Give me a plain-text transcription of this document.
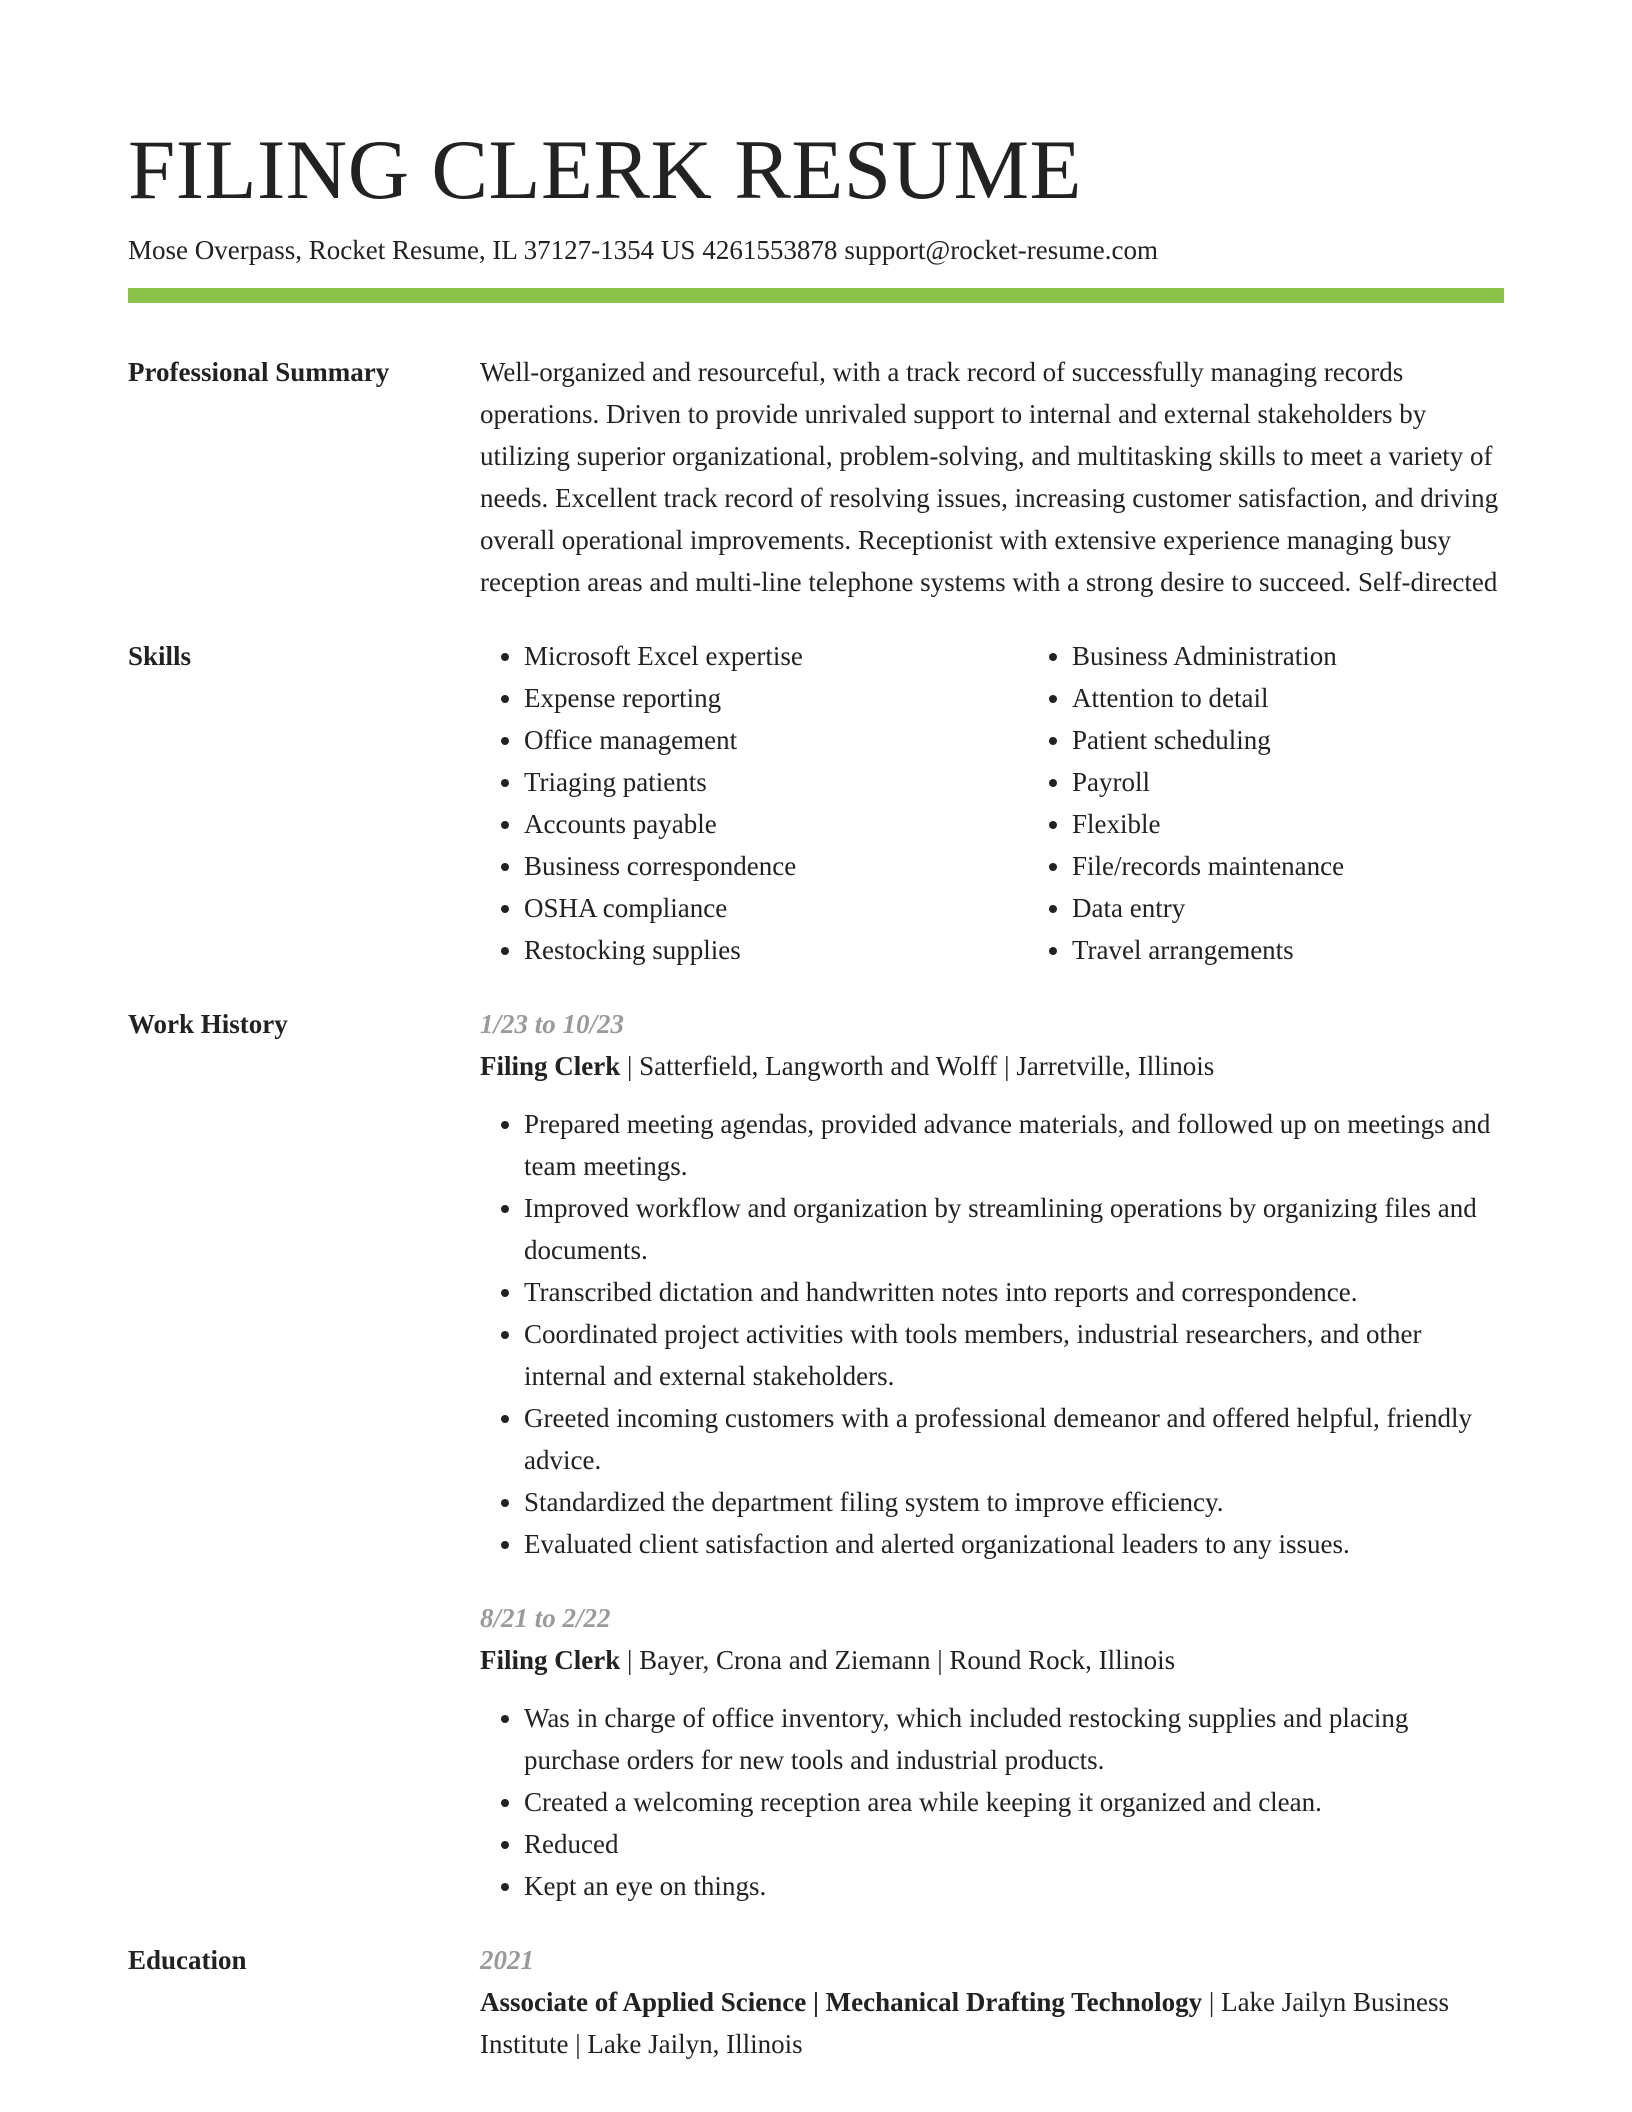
FILING CLERK RESUME
Mose Overpass, Rocket Resume, IL 37127-1354 US 4261553878 support@rocket-resume.com
Professional Summary	Well-organized and resourceful, with a track record of successfully managing records operations. Driven to provide unrivaled support to internal and external stakeholders by utilizing superior organizational, problem-solving, and multitasking skills to meet a variety of needs. Excellent track record of resolving issues, increasing customer satisfaction, and driving overall operational improvements. Receptionist with extensive experience managing busy reception areas and multi-line telephone systems with a strong desire to succeed. Self-directed
Skills
•	Microsoft Excel expertise
• Expense reporting
• Office management
• Triaging patients
• Accounts payable
• Business correspondence
• OSHA compliance
• Restocking supplies
• Business Administration
• Attention to detail
• Patient scheduling
• Payroll
• Flexible
• File/records maintenance
• Data entry
• Travel arrangements
Work History	1/23 to 10/23
Filing Clerk | Satterfield, Langworth and Wolff | Jarretville, Illinois
• Prepared meeting agendas, provided advance materials, and followed up on meetings and team meetings.
• Improved workflow and organization by streamlining operations by organizing files and documents.
• Transcribed dictation and handwritten notes into reports and correspondence.
• Coordinated project activities with tools members, industrial researchers, and other internal and external stakeholders.
• Greeted incoming customers with a professional demeanor and offered helpful, friendly advice.
• Standardized the department filing system to improve efficiency.
• Evaluated client satisfaction and alerted organizational leaders to any issues.
8/21 to 2/22
Filing Clerk | Bayer, Crona and Ziemann | Round Rock, Illinois
• Was in charge of office inventory, which included restocking supplies and placing purchase orders for new tools and industrial products.
• Created a welcoming reception area while keeping it organized and clean.
• Reduced
• Kept an eye on things.
Education	2021
Associate of Applied Science | Mechanical Drafting Technology | Lake Jailyn Business Institute | Lake Jailyn, Illinois
